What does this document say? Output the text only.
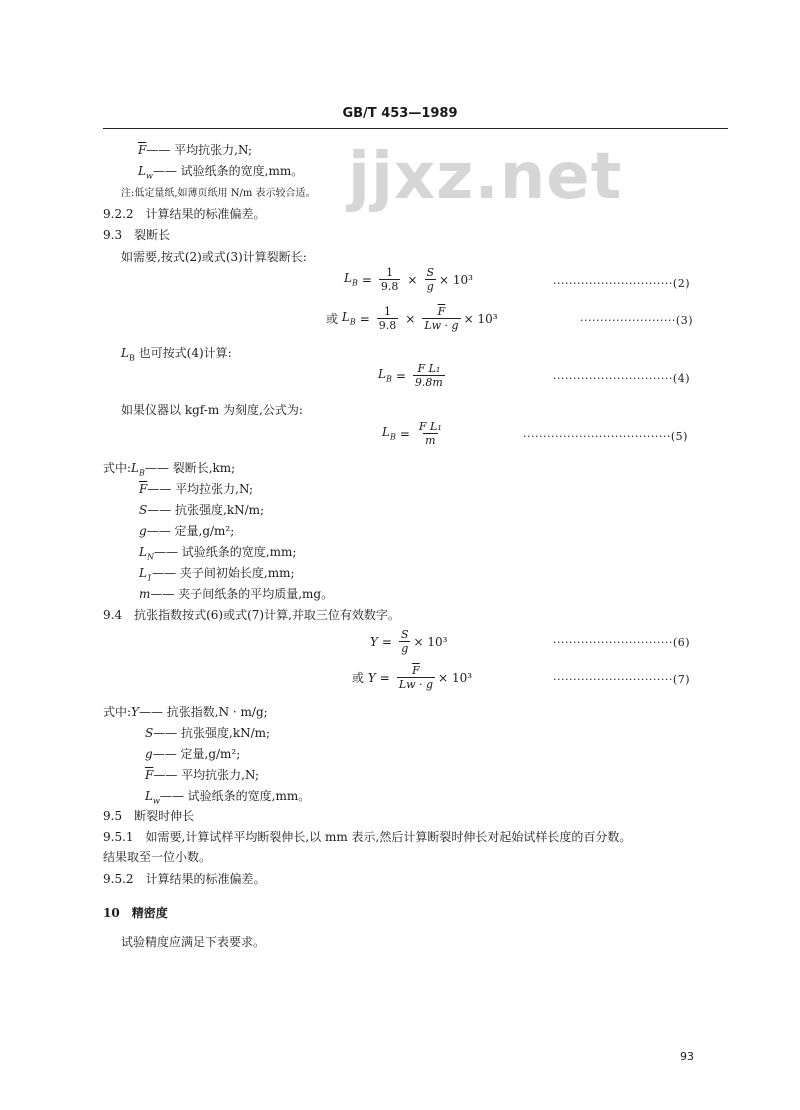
jjxz.net
GB/T 453—1989
$\overline{F}——$ 平均抗张力,N;
$L_w——$ 试验纸条的宽度,mm。
注:低定量纸,如薄页纸用 N/m 表示较合适。
9.2.2　计算结果的标准偏差。
9.3　裂断长
如需要,按式(2)或式(3)计算裂断长:
$L_B = \frac{1}{9.8} \times \frac{S}{g} \times 10^3$	······························(2)
或
$L_B = \frac{1}{9.8} \times \frac{\overline{F}}{Lw \cdot g} \times 10^3$	························(3)
$L_B$ 也可按式(4)计算:
$L_B = \frac{\text{F L₁}}{9.8m}$	······························(4)
如果仪器以 kgf-m 为刻度,公式为:
$L_B = \frac{\text{F L₁}}{m}$	·····································(5)
式中$:L_B——$ 裂断长,km;
$\overline{F}——$ 平均拉张力,N;
S—— 抗张强度,kN/m;
g—— 定量,g/m²;
$L_N——$ 试验纸条的宽度,mm;
$L_1——$ 夹子间初始长度,mm;
m—— 夹子间纸条的平均质量,mg。
9.4　抗张指数按式(6)或式(7)计算,并取三位有效数字。
$Y = \frac{S}{g} \times 10^3$	······························(6)
或
$Y = \frac{\overline{F}}{Lw \cdot g} \times 10^3$	······························(7)
式中:Y—— 抗张指数,N · m/g;
S—— 抗张强度,kN/m;
g—— 定量,g/m²;
$\overline{F}——$ 平均抗张力,N;
$L_w——$ 试验纸条的宽度,mm。
9.5　断裂时伸长
9.5.1　如需要,计算试样平均断裂伸长,以 mm 表示,然后计算断裂时伸长对起始试样长度的百分数。
结果取至一位小数。
9.5.2　计算结果的标准偏差。
10　精密度
试验精度应满足下表要求。
93
